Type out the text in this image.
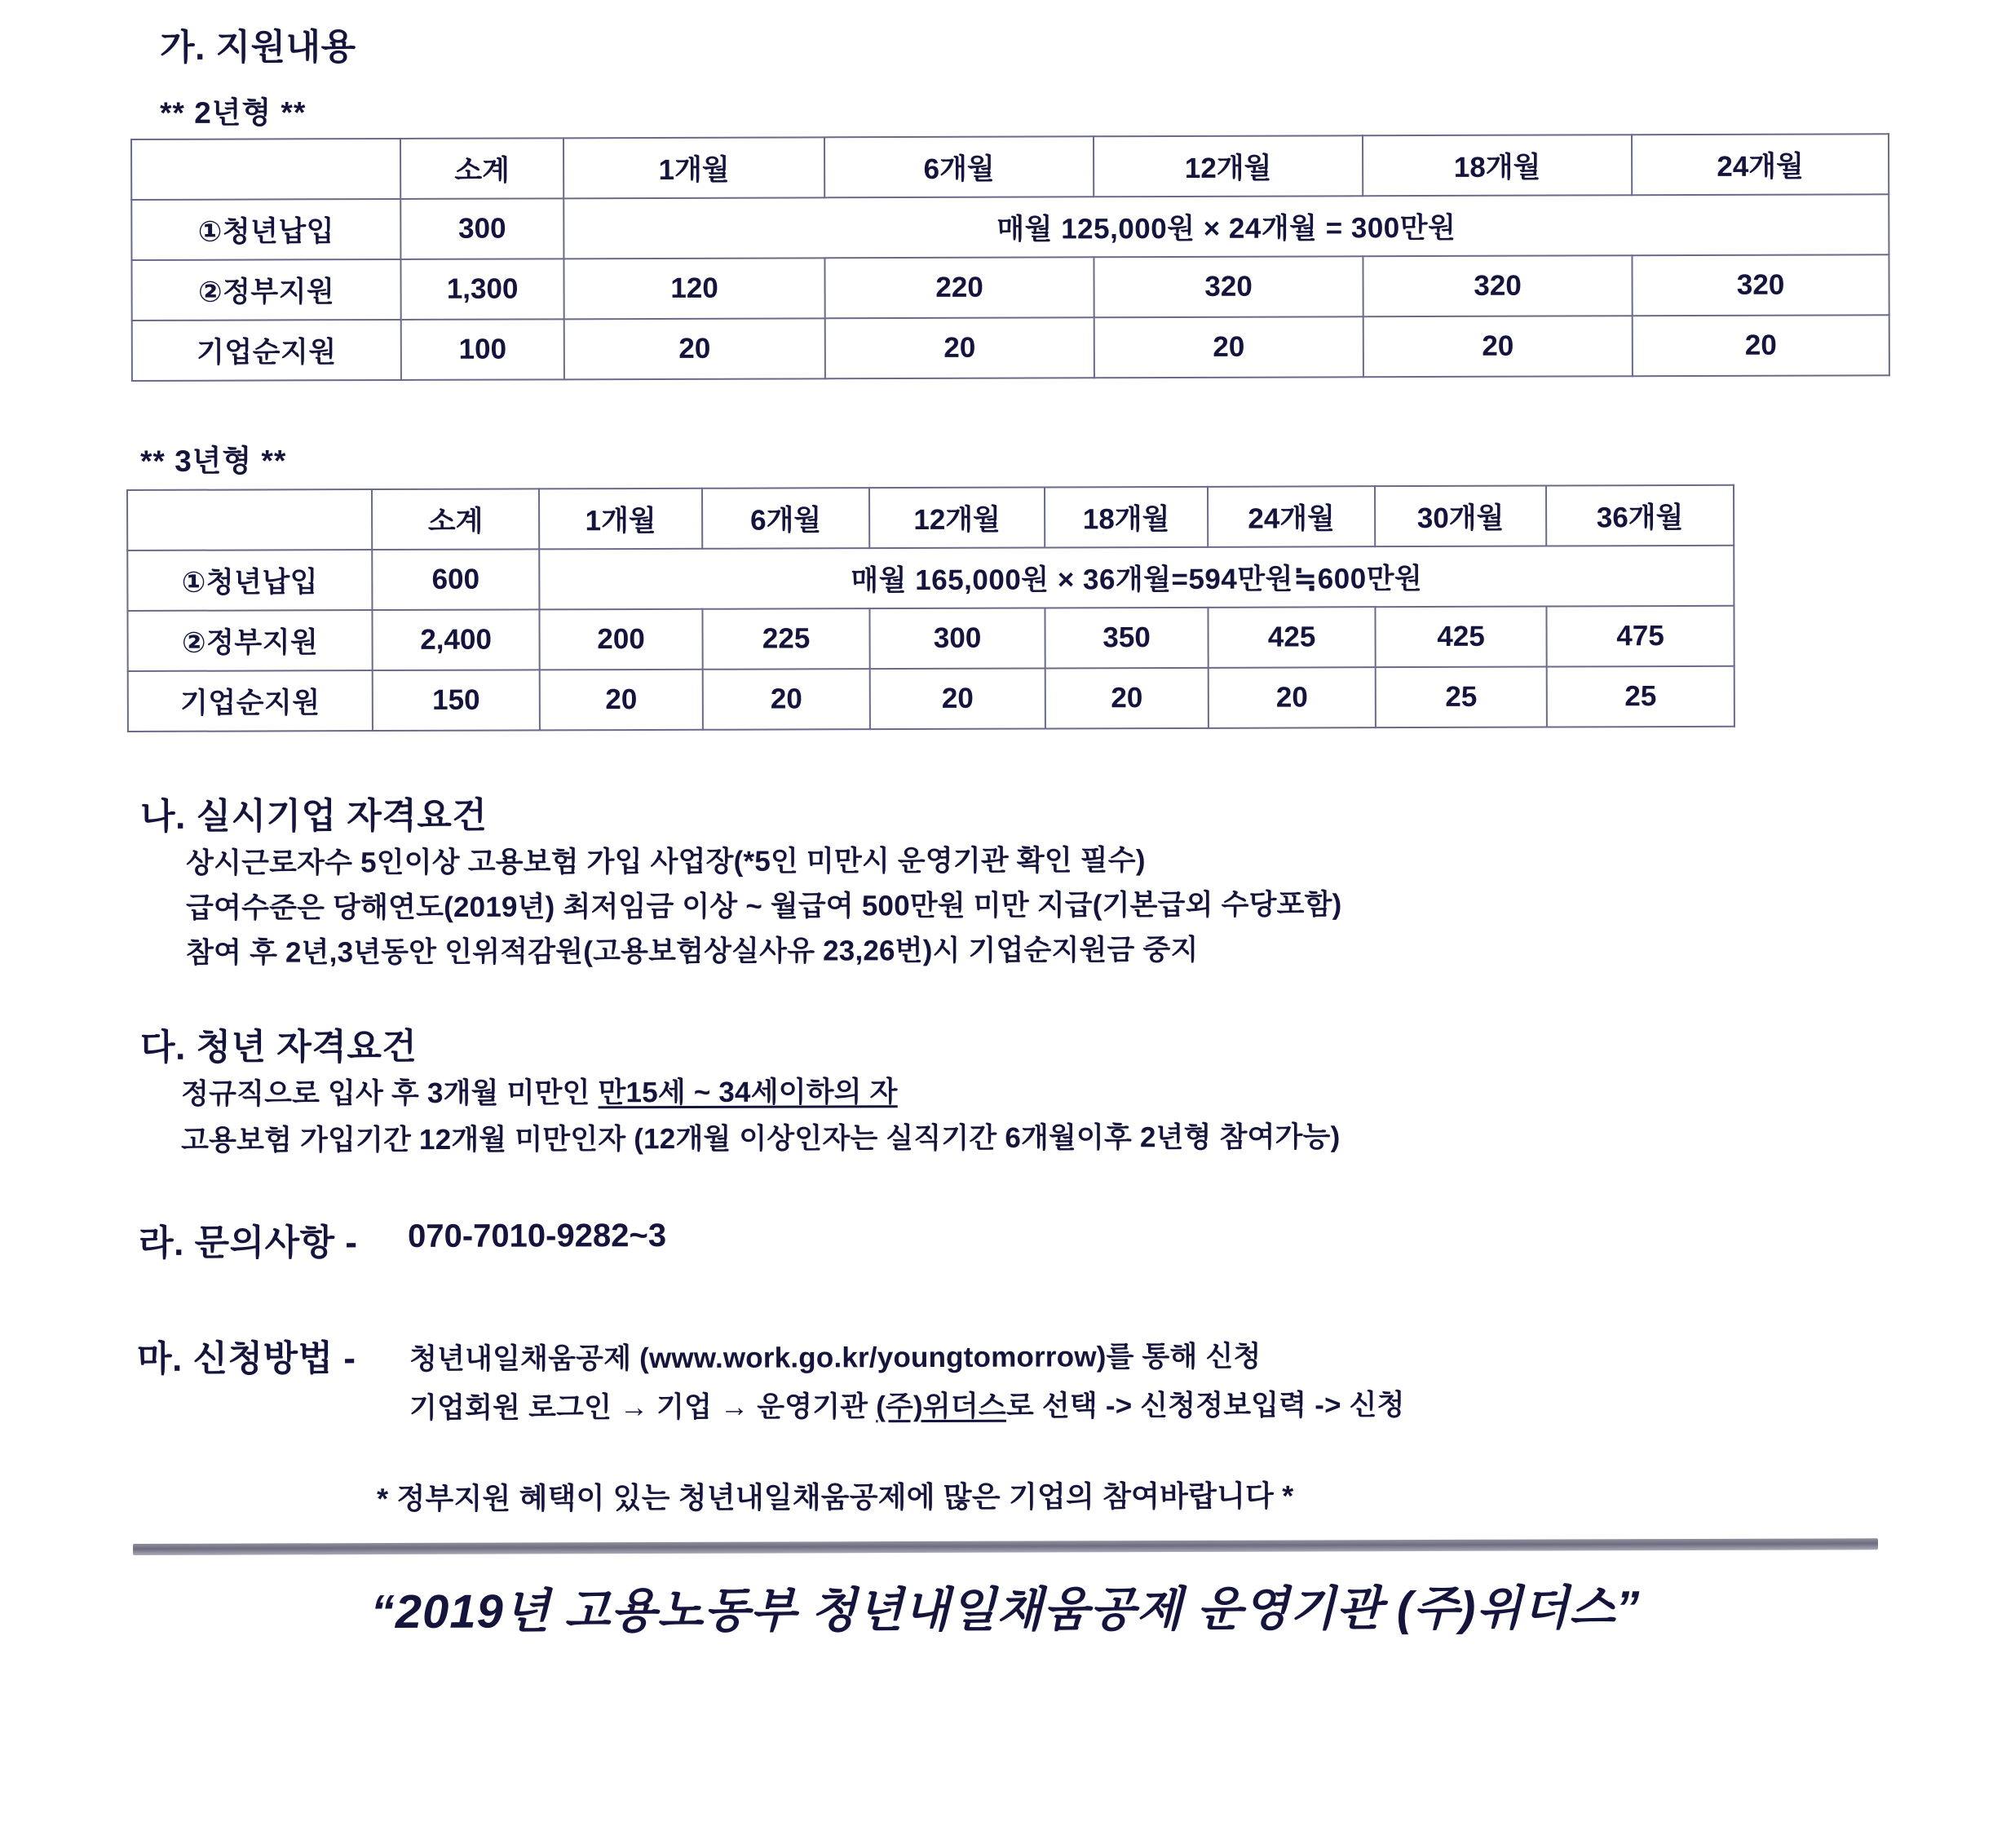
가. 지원내용
** 2년형 **
	소계	1개월	6개월	12개월	18개월	24개월
①청년납입	300	매월 125,000원 × 24개월 = 300만원				
②정부지원	1,300	120	220	320	320	320
기업순지원	100	20	20	20	20	20
** 3년형 **
	소계	1개월	6개월	12개월	18개월	24개월	30개월	36개월
①청년납입	600	매월 165,000원 × 36개월=594만원≒600만원						
②정부지원	2,400	200	225	300	350	425	425	475
기업순지원	150	20	20	20	20	20	25	25
나. 실시기업 자격요건
상시근로자수 5인이상 고용보험 가입 사업장(*5인 미만시 운영기관 확인 필수)
급여수준은 당해연도(2019년) 최저임금 이상 ~ 월급여 500만원 미만 지급(기본급외 수당포함)
참여 후 2년,3년동안 인위적감원(고용보험상실사유 23,26번)시 기업순지원금 중지
다. 청년 자격요건
정규직으로 입사 후 3개월 미만인 만15세 ~ 34세이하의 자
고용보험 가입기간 12개월 미만인자 (12개월 이상인자는 실직기간 6개월이후 2년형 참여가능)
라. 문의사항 - 070-7010-9282~3
마. 신청방법 - 청년내일채움공제 (www.work.go.kr/youngtomorrow)를 통해 신청
기업회원 로그인 → 기업 → 운영기관 (주)위더스로 선택 -> 신청정보입력 -> 신청
* 정부지원 혜택이 있는 청년내일채움공제에 많은 기업의 참여바랍니다 *
“2019년 고용노동부 청년내일채움공제 운영기관 (주)위더스”
